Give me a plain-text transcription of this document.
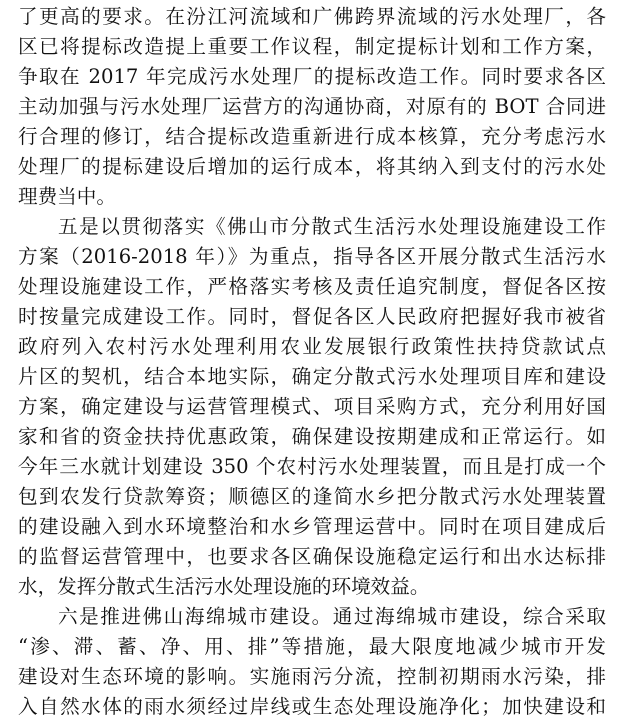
了更高的要求。在汾江河流域和广佛跨界流域的污水处理厂，各
区已将提标改造提上重要工作议程，制定提标计划和工作方案，
争取在 2017 年完成污水处理厂的提标改造工作。同时要求各区
主动加强与污水处理厂运营方的沟通协商，对原有的 BOT 合同进
行合理的修订，结合提标改造重新进行成本核算，充分考虑污水
处理厂的提标建设后增加的运行成本，将其纳入到支付的污水处
理费当中。
五是以贯彻落实《佛山市分散式生活污水处理设施建设工作
方案（2016-2018 年）》为重点，指导各区开展分散式生活污水
处理设施建设工作，严格落实考核及责任追究制度，督促各区按
时按量完成建设工作。同时，督促各区人民政府把握好我市被省
政府列入农村污水处理利用农业发展银行政策性扶持贷款试点
片区的契机，结合本地实际，确定分散式污水处理项目库和建设
方案，确定建设与运营管理模式、项目采购方式，充分利用好国
家和省的资金扶持优惠政策，确保建设按期建成和正常运行。如
今年三水就计划建设 350 个农村污水处理装置，而且是打成一个
包到农发行贷款筹资；顺德区的逢简水乡把分散式污水处理装置
的建设融入到水环境整治和水乡管理运营中。同时在项目建成后
的监督运营管理中，也要求各区确保设施稳定运行和出水达标排
水，发挥分散式生活污水处理设施的环境效益。
六是推进佛山海绵城市建设。通过海绵城市建设，综合采取
“渗、滞、蓄、净、用、排”等措施，最大限度地减少城市开发
建设对生态环境的影响。实施雨污分流，控制初期雨水污染，排
入自然水体的雨水须经过岸线或生态处理设施净化；加快建设和
